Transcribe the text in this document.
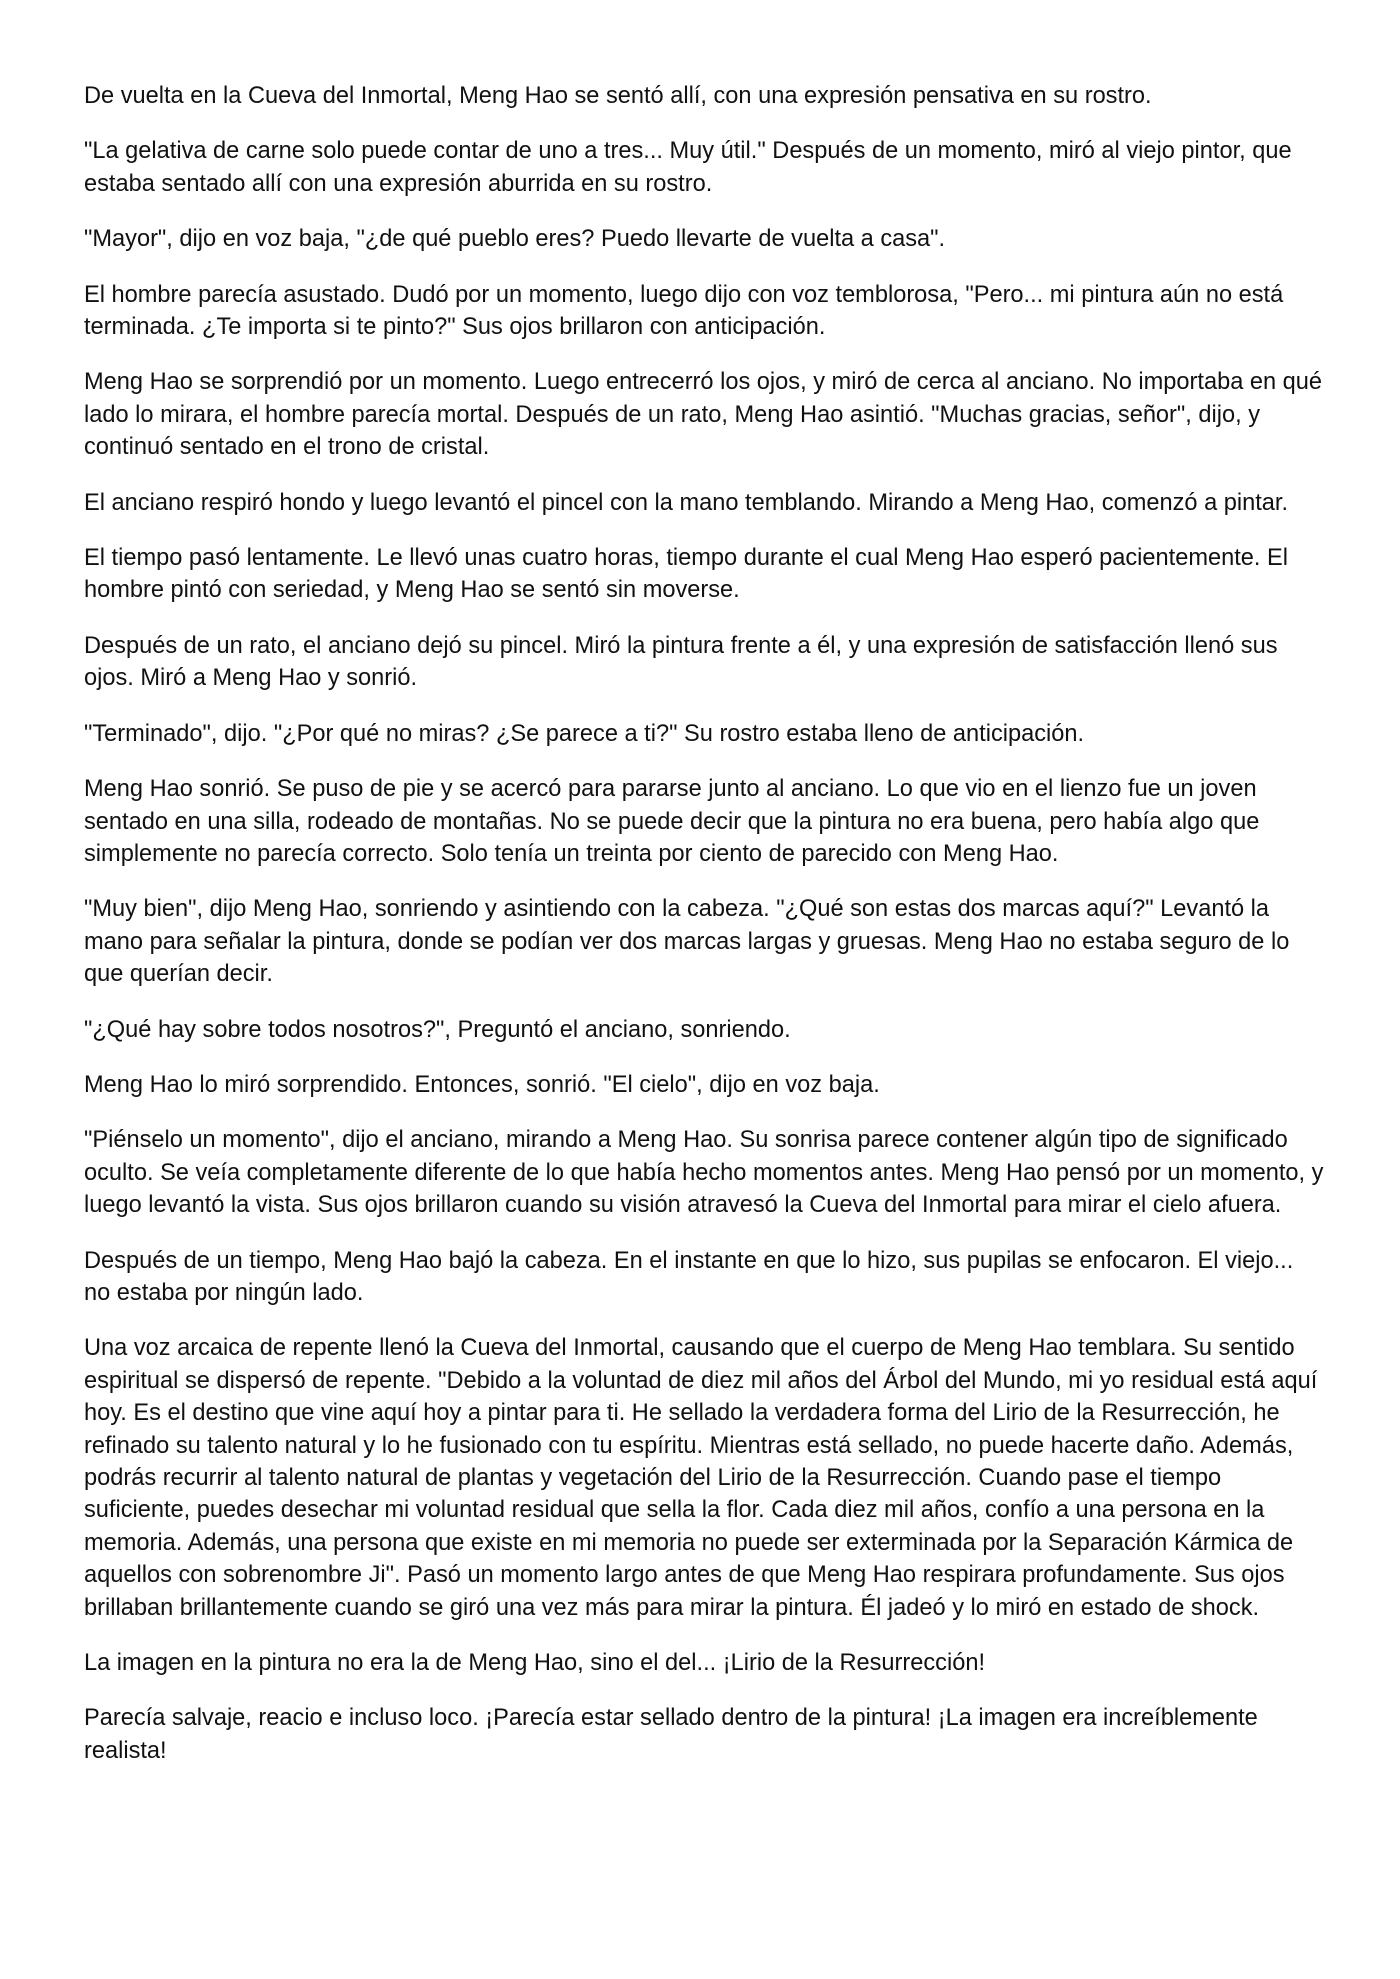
De vuelta en la Cueva del Inmortal, Meng Hao se sentó allí, con una expresión pensativa en su rostro.

"La gelativa de carne solo puede contar de uno a tres... Muy útil." Después de un momento, miró al viejo pintor, que estaba sentado allí con una expresión aburrida en su rostro.

"Mayor", dijo en voz baja, "¿de qué pueblo eres? Puedo llevarte de vuelta a casa".

El hombre parecía asustado. Dudó por un momento, luego dijo con voz temblorosa, "Pero... mi pintura aún no está terminada. ¿Te importa si te pinto?" Sus ojos brillaron con anticipación.

Meng Hao se sorprendió por un momento. Luego entrecerró los ojos, y miró de cerca al anciano. No importaba en qué lado lo mirara, el hombre parecía mortal. Después de un rato, Meng Hao asintió. "Muchas gracias, señor", dijo, y continuó sentado en el trono de cristal.

El anciano respiró hondo y luego levantó el pincel con la mano temblando. Mirando a Meng Hao, comenzó a pintar.

El tiempo pasó lentamente. Le llevó unas cuatro horas, tiempo durante el cual Meng Hao esperó pacientemente. El hombre pintó con seriedad, y Meng Hao se sentó sin moverse.

Después de un rato, el anciano dejó su pincel. Miró la pintura frente a él, y una expresión de satisfacción llenó sus ojos. Miró a Meng Hao y sonrió.

"Terminado", dijo. "¿Por qué no miras? ¿Se parece a ti?" Su rostro estaba lleno de anticipación.

Meng Hao sonrió. Se puso de pie y se acercó para pararse junto al anciano. Lo que vio en el lienzo fue un joven sentado en una silla, rodeado de montañas. No se puede decir que la pintura no era buena, pero había algo que simplemente no parecía correcto. Solo tenía un treinta por ciento de parecido con Meng Hao.

"Muy bien", dijo Meng Hao, sonriendo y asintiendo con la cabeza. "¿Qué son estas dos marcas aquí?" Levantó la mano para señalar la pintura, donde se podían ver dos marcas largas y gruesas. Meng Hao no estaba seguro de lo que querían decir.

"¿Qué hay sobre todos nosotros?", Preguntó el anciano, sonriendo.

Meng Hao lo miró sorprendido. Entonces, sonrió. "El cielo", dijo en voz baja.

"Piénselo un momento", dijo el anciano, mirando a Meng Hao. Su sonrisa parece contener algún tipo de significado oculto. Se veía completamente diferente de lo que había hecho momentos antes. Meng Hao pensó por un momento, y luego levantó la vista. Sus ojos brillaron cuando su visión atravesó la Cueva del Inmortal para mirar el cielo afuera.

Después de un tiempo, Meng Hao bajó la cabeza. En el instante en que lo hizo, sus pupilas se enfocaron. El viejo... no estaba por ningún lado.

Una voz arcaica de repente llenó la Cueva del Inmortal, causando que el cuerpo de Meng Hao temblara. Su sentido espiritual se dispersó de repente. "Debido a la voluntad de diez mil años del Árbol del Mundo, mi yo residual está aquí hoy. Es el destino que vine aquí hoy a pintar para ti. He sellado la verdadera forma del Lirio de la Resurrección, he refinado su talento natural y lo he fusionado con tu espíritu. Mientras está sellado, no puede hacerte daño. Además, podrás recurrir al talento natural de plantas y vegetación del Lirio de la Resurrección. Cuando pase el tiempo suficiente, puedes desechar mi voluntad residual que sella la flor. Cada diez mil años, confío a una persona en la memoria. Además, una persona que existe en mi memoria no puede ser exterminada por la Separación Kármica de aquellos con sobrenombre Ji". Pasó un momento largo antes de que Meng Hao respirara profundamente. Sus ojos brillaban brillantemente cuando se giró una vez más para mirar la pintura. Él jadeó y lo miró en estado de shock.

La imagen en la pintura no era la de Meng Hao, sino el del... ¡Lirio de la Resurrección!

Parecía salvaje, reacio e incluso loco. ¡Parecía estar sellado dentro de la pintura! ¡La imagen era increíblemente realista!
